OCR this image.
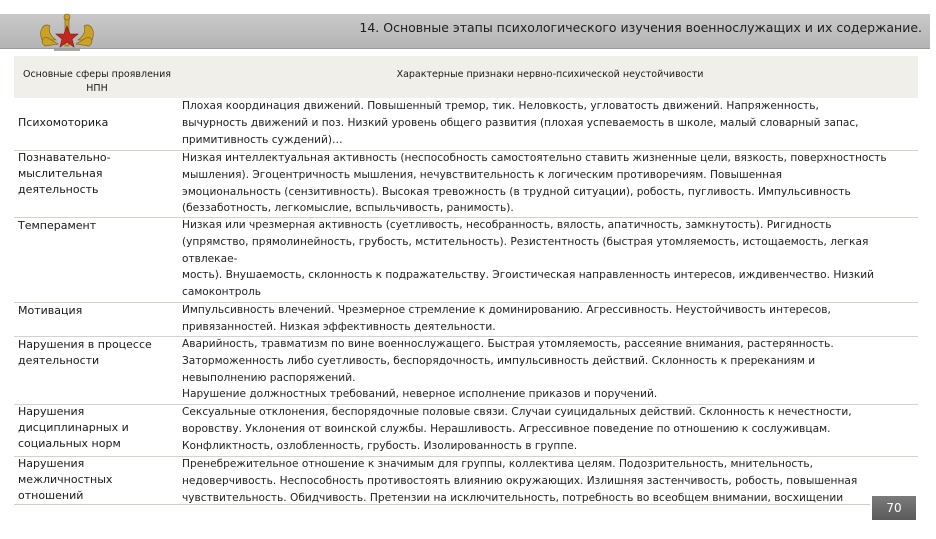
14. Основные этапы психологического изучения военнослужащих и их содержание.
Основные сферы проявления НПН
Характерные признаки нервно-психической неустойчивости
Психомоторика
Плохая координация движений. Повышенный тремор, тик. Неловкость, угловатость движений. Напряженность,
вычурность движений и поз. Низкий уровень общего развития (плохая успеваемость в школе, малый словарный запас,
примитивность суждений)…
Познавательно-мыслительная деятельность
Низкая интеллектуальная активность (неспособность самостоятельно ставить жизненные цели, вязкость, поверхностность
мышления). Эгоцентричность мышления, нечувствительность к логическим противоречиям. Повышенная
эмоциональность (сензитивность). Высокая тревожность (в трудной ситуации), робость, пугливость. Импульсивность
(беззаботность, легкомыслие, вспыльчивость, ранимость).
Темперамент	Низкая или чрезмерная активность (суетливость, несобранность, вялость, апатичность, замкнутость). Ригидность
(упрямство, прямолинейность, грубость, мстительность). Резистентность (быстрая утомляемость, истощаемость, легкая
отвлекае-
мость). Внушаемость, склонность к подражательству. Эгоистическая направленность интересов, иждивенчество. Низкий
самоконтроль
Мотивация	Импульсивность влечений. Чрезмерное стремление к доминированию. Агрессивность. Неустойчивость интересов,
привязанностей. Низкая эффективность деятельности.
Нарушения в процессе деятельности
Аварийность, травматизм по вине военнослужащего. Быстрая утомляемость, рассеяние внимания, растерянность.
Заторможенность либо суетливость, беспорядочность, импульсивность действий. Склонность к пререканиям и
невыполнению распоряжений.
Нарушение должностных требований, неверное исполнение приказов и поручений.
Нарушения дисциплинарных и социальных норм
Сексуальные отклонения, беспорядочные половые связи. Случаи суицидальных действий. Склонность к нечестности,
воровству. Уклонения от воинской службы. Нерашливость. Агрессивное поведение по отношению к сослуживцам.
Конфликтность, озлобленность, грубость. Изолированность в группе.
Нарушения межличностных отношений
Пренебрежительное отношение к значимым для группы, коллектива целям. Подозрительность, мнительность,
недоверчивость. Неспособность противостоять влиянию окружающих. Излишняя застенчивость, робость, повышенная
чувствительность. Обидчивость. Претензии на исключительность, потребность во всеобщем внимании, восхищении
70
